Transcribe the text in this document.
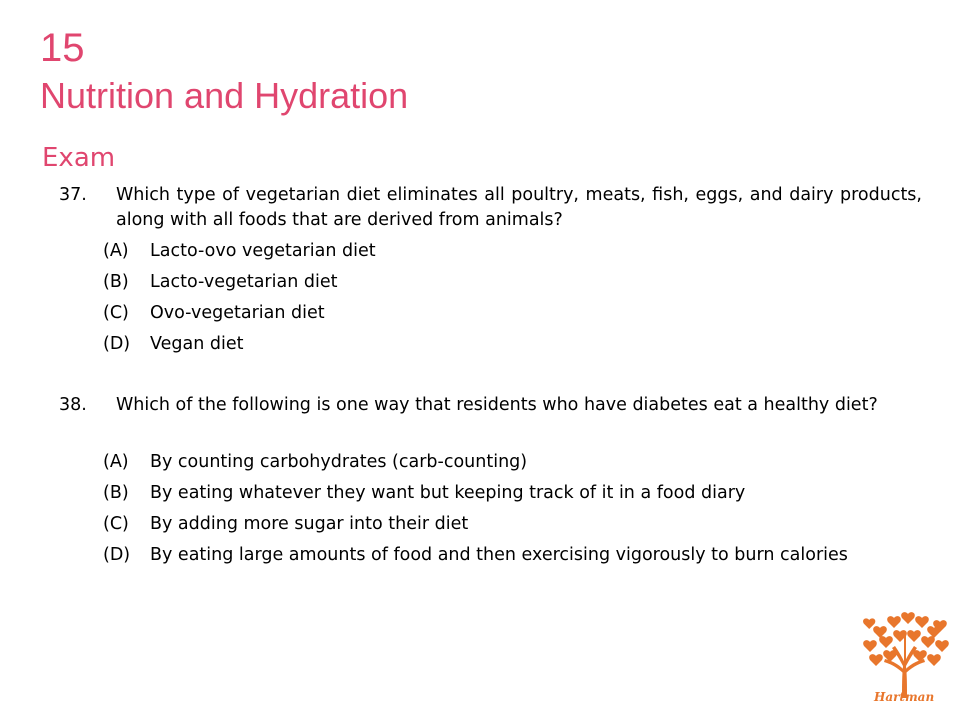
15
Nutrition and Hydration
Exam
37. Which type of vegetarian diet eliminates all poultry, meats, fish, eggs, and dairy products, along with all foods that are derived from animals?
(A) Lacto-ovo vegetarian diet
(B) Lacto-vegetarian diet
(C) Ovo-vegetarian diet
(D) Vegan diet
38. Which of the following is one way that residents who have diabetes eat a healthy diet?
(A) By counting carbohydrates (carb-counting)
(B) By eating whatever they want but keeping track of it in a food diary
(C) By adding more sugar into their diet
(D) By eating large amounts of food and then exercising vigorously to burn calories
Hartman
